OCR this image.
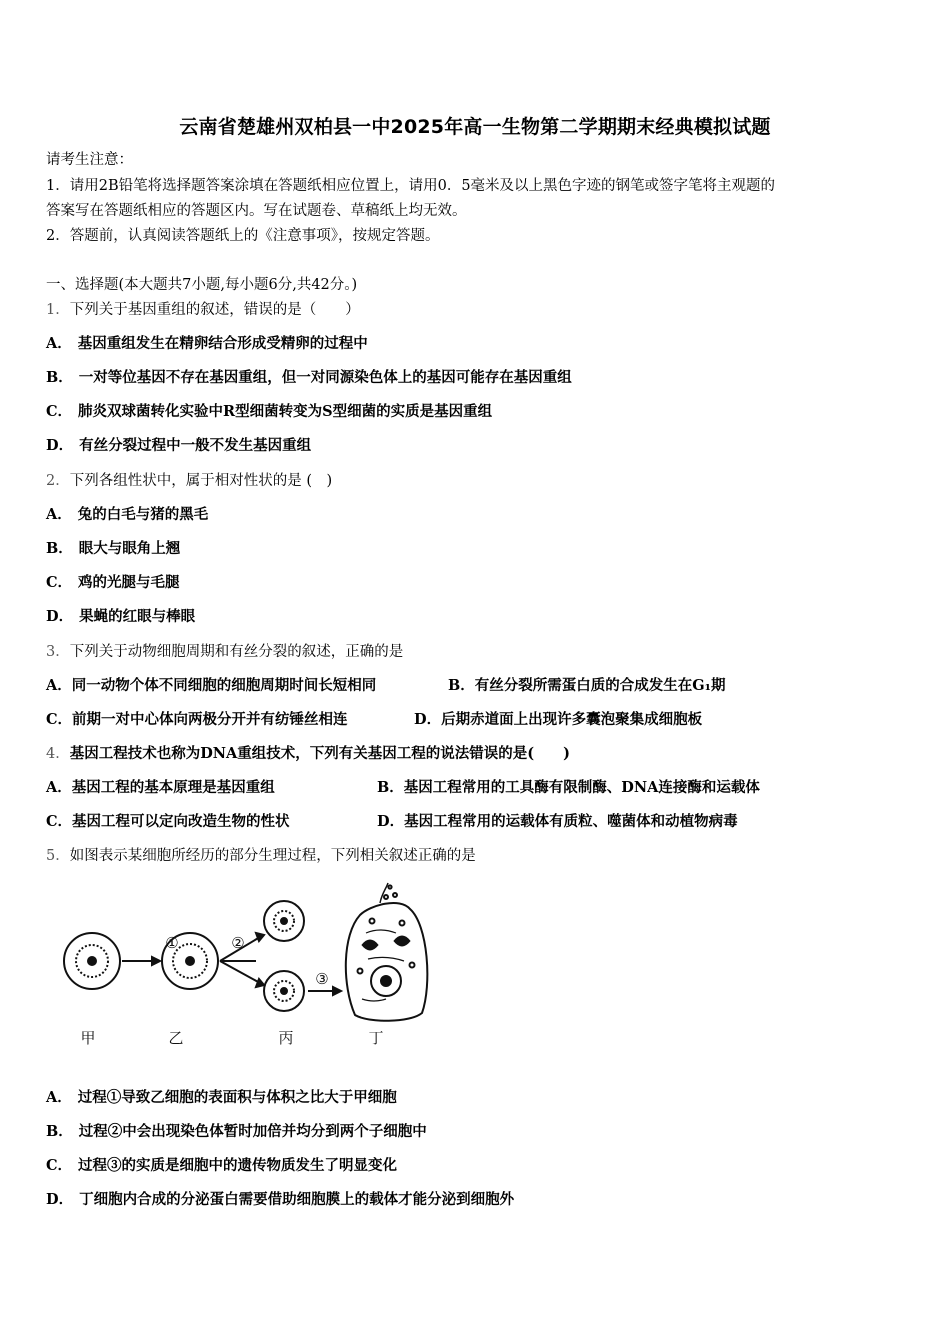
云南省楚雄州双柏县一中2025年高一生物第二学期期末经典模拟试题
请考生注意：
1．请用2B铅笔将选择题答案涂填在答题纸相应位置上，请用0．5毫米及以上黑色字迹的钢笔或签字笔将主观题的
答案写在答题纸相应的答题区内。写在试题卷、草稿纸上均无效。
2．答题前，认真阅读答题纸上的《注意事项》，按规定答题。
一、选择题(本大题共7小题,每小题6分,共42分。)
1．下列关于基因重组的叙述，错误的是（　　）
A． 基因重组发生在精卵结合形成受精卵的过程中
B． 一对等位基因不存在基因重组，但一对同源染色体上的基因可能存在基因重组
C． 肺炎双球菌转化实验中R型细菌转变为S型细菌的实质是基因重组
D． 有丝分裂过程中一般不发生基因重组
2．下列各组性状中，属于相对性状的是 (　)
A． 兔的白毛与猪的黑毛
B． 眼大与眼角上翘
C． 鸡的光腿与毛腿
D． 果蝇的红眼与棒眼
3．下列关于动物细胞周期和有丝分裂的叙述，正确的是
A．同一动物个体不同细胞的细胞周期时间长短相同	B．有丝分裂所需蛋白质的合成发生在G₁期
C．前期一对中心体向两极分开并有纺锤丝相连	D．后期赤道面上出现许多囊泡聚集成细胞板
4．基因工程技术也称为DNA重组技术，下列有关基因工程的说法错误的是(　　)
A．基因工程的基本原理是基因重组	B．基因工程常用的工具酶有限制酶、DNA连接酶和运载体
C．基因工程可以定向改造生物的性状	D．基因工程常用的运载体有质粒、噬菌体和动植物病毒
5．如图表示某细胞所经历的部分生理过程，下列相关叙述正确的是
①	②
③
甲	乙	丙	丁
A． 过程①导致乙细胞的表面积与体积之比大于甲细胞
B． 过程②中会出现染色体暂时加倍并均分到两个子细胞中
C． 过程③的实质是细胞中的遗传物质发生了明显变化
D． 丁细胞内合成的分泌蛋白需要借助细胞膜上的载体才能分泌到细胞外
